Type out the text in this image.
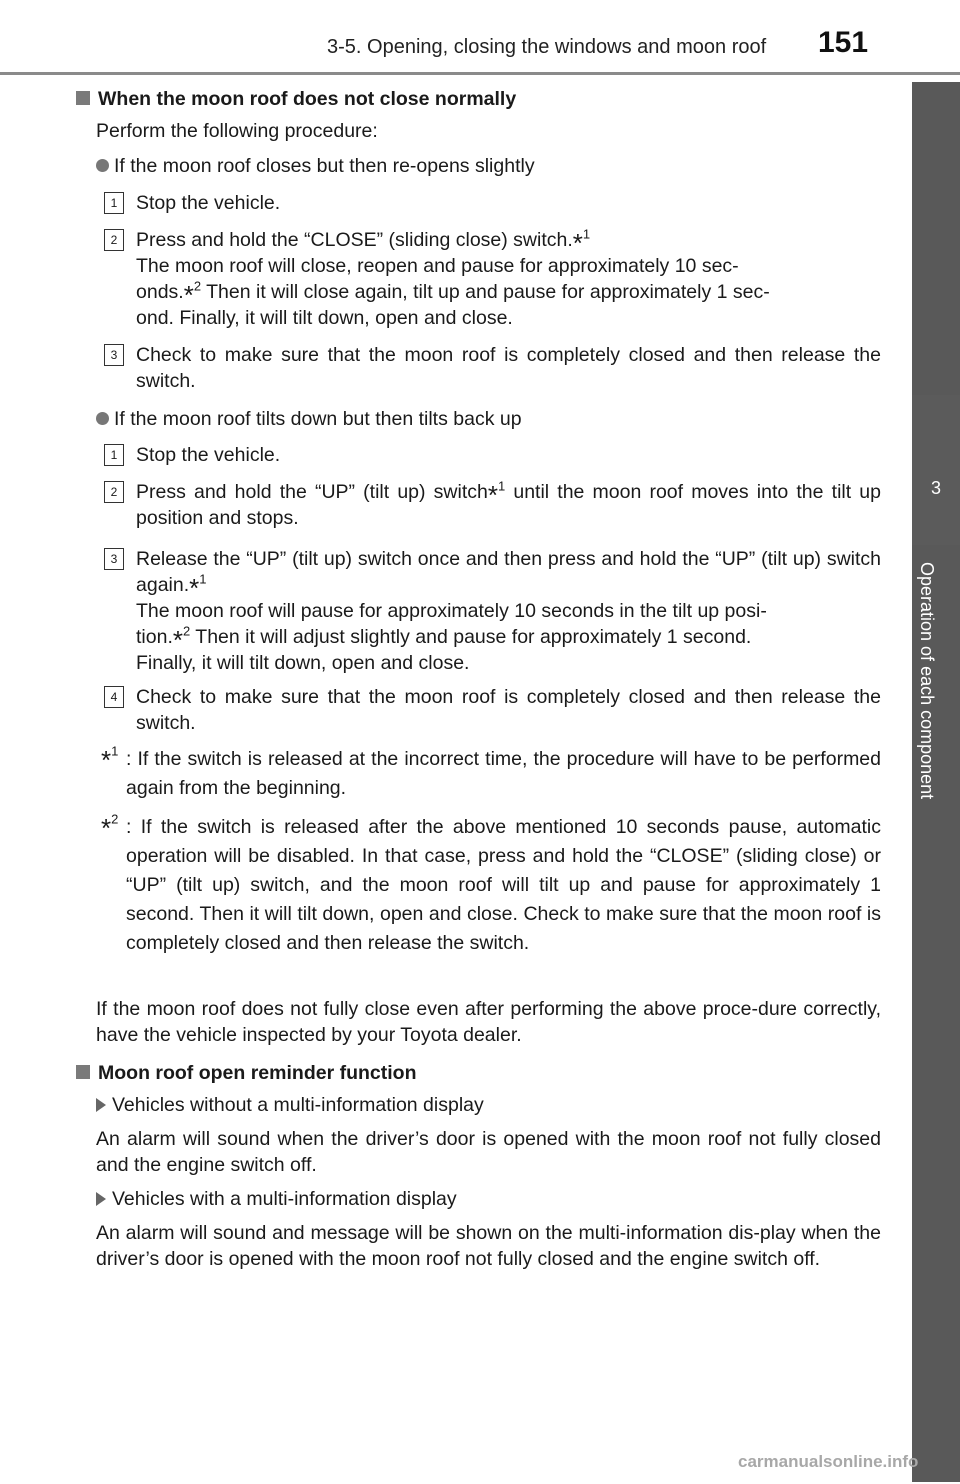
3-5. Opening, closing the windows and moon roof 151
3
Operation of each component
When the moon roof does not close normally
Perform the following procedure:
If the moon roof closes but then re-opens slightly
1 Stop the vehicle.
2 Press and hold the “CLOSE” (sliding close) switch.*$^1$
The moon roof will close, reopen and pause for approximately 10 sec-
onds.*$^2$ Then it will close again, tilt up and pause for approximately 1 sec-
ond. Finally, it will tilt down, open and close.
3 Check to make sure that the moon roof is completely closed and then release the switch.
If the moon roof tilts down but then tilts back up
1 Stop the vehicle.
2 Press and hold the “UP” (tilt up) switch*$^1$ until the moon roof moves into the tilt up position and stops.
3 Release the “UP” (tilt up) switch once and then press and hold the “UP” (tilt up) switch again.*$^1$
The moon roof will pause for approximately 10 seconds in the tilt up posi-
tion.*$^2$ Then it will adjust slightly and pause for approximately 1 second.
Finally, it will tilt down, open and close.
4 Check to make sure that the moon roof is completely closed and then release the switch.
*$^1$ : If the switch is released at the incorrect time, the procedure will have to be performed again from the beginning.
*$^2$ : If the switch is released after the above mentioned 10 seconds pause, automatic operation will be disabled. In that case, press and hold the “CLOSE” (sliding close) or “UP” (tilt up) switch, and the moon roof will tilt up and pause for approximately 1 second. Then it will tilt down, open and close. Check to make sure that the moon roof is completely closed and then release the switch.
If the moon roof does not fully close even after performing the above proce-dure correctly, have the vehicle inspected by your Toyota dealer.
Moon roof open reminder function
Vehicles without a multi-information display
An alarm will sound when the driver’s door is opened with the moon roof not fully closed and the engine switch off.
Vehicles with a multi-information display
An alarm will sound and message will be shown on the multi-information dis-play when the driver’s door is opened with the moon roof not fully closed and the engine switch off.
carmanualsonline.info
